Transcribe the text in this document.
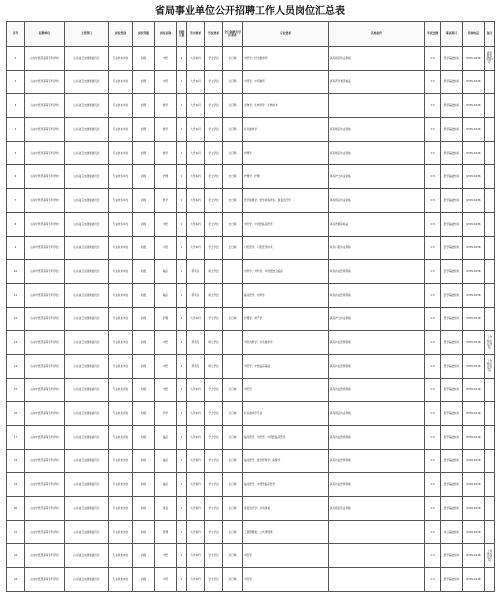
省局事业单位公开招聘工作人员岗位汇总表
序号	招聘单位	主管部门	岗位类别	岗位等级	岗位名称	招聘人数	学历要求	学位要求	全日制教育学历要求	专业要求	其他条件	考试比例	笔试科目	咨询电话	备注
1	山东中医药高等专科学校	山东省卫生健康委员会	专业技术岗位	初级	中医	1	大学本科	学士学位	全日制	中医学；针灸推拿学	具有相应执业资格	1:3	医学基础知识	0535-6136	最低服务年限5年
2	山东中医药高等专科学校	山东省卫生健康委员会	专业技术岗位	初级	中药	1	大学本科	学士学位	全日制	中药学；中药制药	具有药学类资格证	1:3	医学基础知识	0535-6136	
3	山东中医药高等专科学校	山东省卫生健康委员会	专业技术岗位	初级	教学	1	大学本科	学士学位	全日制	生物学；生物科学；生物技术		1:3	医学基础知识	0535-6136	
4	山东中医药高等专科学校	山东省卫生健康委员会	专业技术岗位	初级	教学	1	大学本科	学士学位	全日制	针灸推拿学	具有相应执业资格	1:3	医学基础知识	0535-6136	
5	山东中医药高等专科学校	山东省卫生健康委员会	专业技术岗位	初级	教学	1	大学本科	学士学位	全日制	护理学	具有相应执业资格	1:3	医学基础知识	0535-6136	
6	山东中医药高等专科学校	山东省卫生健康委员会	专业技术岗位	初级	护理	1	大学本科	学士学位	全日制	护理学；护理	具有护士执业资格	1:3	医学基础知识	0535-6136	
7	山东中医药高等专科学校	山东省卫生健康委员会	专业技术岗位	初级	医学	1	大学本科	学士学位	全日制	医学影像学；医学检验技术；康复治疗学	具有相应执业资格	1:3	医学基础知识	0535-6136	
8	山东中医药高等专科学校	山东省卫生健康委员会	专业技术岗位	初级	中医	1	大学本科	学士学位	全日制	中医学；中西医临床医学	具有医师资格证	1:3	医学基础知识	0535-6136	
9	山东中医药高等专科学校	山东省卫生健康委员会	专业技术岗位	初级	口腔	1	大学本科	学士学位	全日制	口腔医学；口腔医学技术	具有口腔执业资格	1:3	医学基础知识	0535-6136	
10	山东中医药高等专科学校	山东省卫生健康委员会	专业技术岗位	初级	临床	1	研究生	硕士学位		内科学；外科学；中西医结合临床	具有执业医师资格	1:3	医学基础知识	0535-6136	
11	山东中医药高等专科学校	山东省卫生健康委员会	专业技术岗位	初级	临床	1	研究生	硕士学位		临床医学；内科学	具有执业医师资格	1:3	医学基础知识	0535-6136	
12	山东中医药高等专科学校	山东省卫生健康委员会	专业技术岗位	初级	护理	1	大学本科	学士学位	全日制	护理学；助产学	具有护士执业资格	1:3	医学基础知识	0535-6136	
13	山东中医药高等专科学校	山东省卫生健康委员会	专业技术岗位	初级	中医	1	研究生	硕士学位		中医内科学；针灸推拿学	具有执业医师资格	1:3	医学基础知识	0535-6136	工作地点在外院
14	山东中医药高等专科学校	山东省卫生健康委员会	专业技术岗位	初级	中医	1	研究生	硕士学位		中医学；中医临床基础	具有执业医师资格	1:3	医学基础知识	0535-6136	工作地点在外院
15	山东中医药高等专科学校	山东省卫生健康委员会	专业技术岗位	初级	中医	1	大学本科	学士学位	全日制	中医学	具有执业医师资格	1:3	医学基础知识	0535-6136	
16	山东中医药高等专科学校	山东省卫生健康委员会	专业技术岗位	初级	药学	1	大学本科	学士学位	全日制	针灸推拿学专业	具有相应执业资格	1:3	医学基础知识	0535-6136	
17	山东中医药高等专科学校	山东省卫生健康委员会	专业技术岗位	初级	临床	1	大学本科	学士学位	全日制	临床医学；中医学；中西医临床医学	具有执业医师资格	1:3	医学基础知识	0535-6136	
18	山东中医药高等专科学校	山东省卫生健康委员会	专业技术岗位	初级	临床	1	大学本科	学士学位	全日制	临床医学；医学影像学；麻醉学	具有执业医师资格	1:3	医学基础知识	0535-6136	
19	山东中医药高等专科学校	山东省卫生健康委员会	专业技术岗位	初级	临床	1	大学本科	学士学位	全日制	临床医学；中西医临床医学	具有执业医师资格	1:3	医学基础知识	0535-6136	
20	山东中医药高等专科学校	山东省卫生健康委员会	专业技术岗位	初级	康复	1	大学本科	学士学位	全日制	康复治疗学；运动康复	具有相应执业资格	1:3	医学基础知识	0535-6136	
21	山东中医药高等专科学校	山东省卫生健康委员会	专业技术岗位	初级	管理	1	大学本科	学士学位	全日制	工商管理类；公共管理类		1:3	综合基础知识	0535-6136	
22	山东中医药高等专科学校	山东省卫生健康委员会	专业技术岗位	初级	中医	1	大学本科	学士学位	全日制	中医学		1:3	医学基础知识	0535-6136	工作地点在外院
23	山东中医药高等专科学校	山东省卫生健康委员会	专业技术岗位	初级	中药	1	大学本科	学士学位	全日制	中药学		1:3	医学基础知识	0535-6136	
